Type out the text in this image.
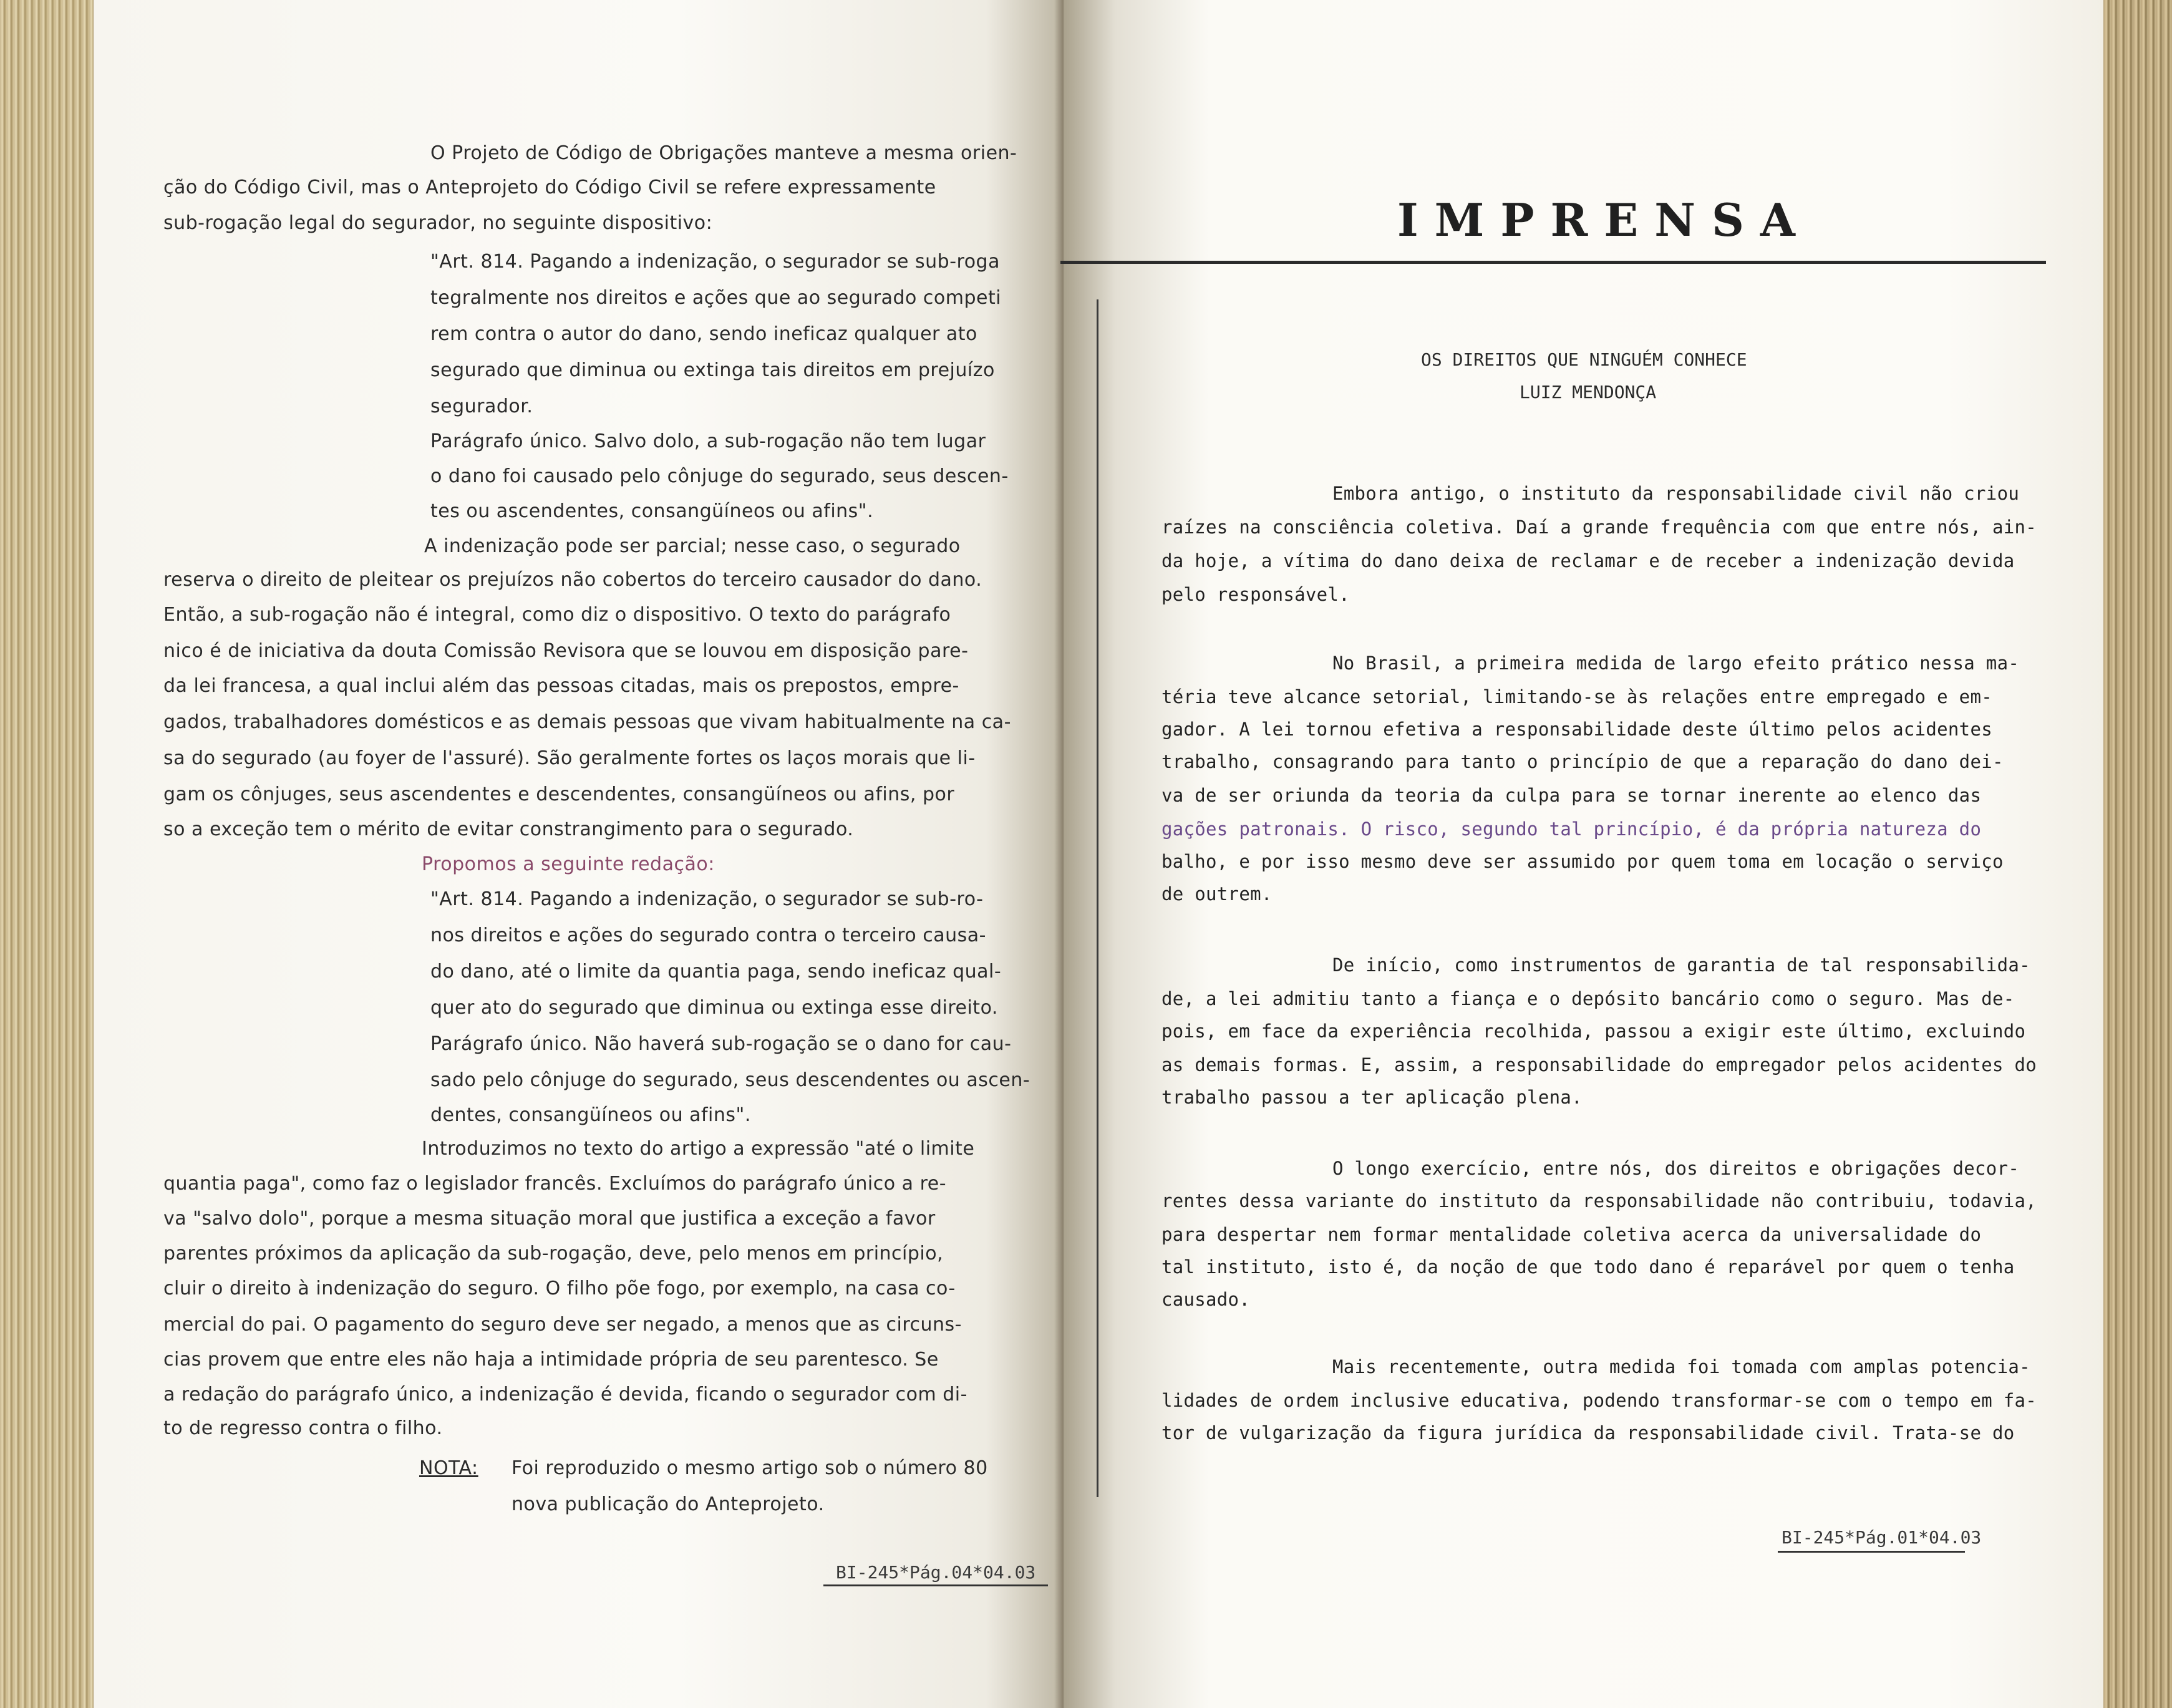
O Projeto de Código de Obrigações manteve a mesma orien-
ção do Código Civil, mas o Anteprojeto do Código Civil se refere expressamente
sub-rogação legal do segurador, no seguinte dispositivo:
"Art. 814. Pagando a indenização, o segurador se sub-roga
tegralmente nos direitos e ações que ao segurado competi
rem contra o autor do dano, sendo ineficaz qualquer ato
segurado que diminua ou extinga tais direitos em prejuízo
segurador.
Parágrafo único. Salvo dolo, a sub-rogação não tem lugar
o dano foi causado pelo cônjuge do segurado, seus descen-
tes ou ascendentes, consangüíneos ou afins".
A indenização pode ser parcial; nesse caso, o segurado
reserva o direito de pleitear os prejuízos não cobertos do terceiro causador do dano.
Então, a sub-rogação não é integral, como diz o dispositivo. O texto do parágrafo
nico é de iniciativa da douta Comissão Revisora que se louvou em disposição pare-
da lei francesa, a qual inclui além das pessoas citadas, mais os prepostos, empre-
gados, trabalhadores domésticos e as demais pessoas que vivam habitualmente na ca-
sa do segurado (au foyer de l'assuré). São geralmente fortes os laços morais que li-
gam os cônjuges, seus ascendentes e descendentes, consangüíneos ou afins, por
so a exceção tem o mérito de evitar constrangimento para o segurado.
Propomos a seguinte redação:
"Art. 814. Pagando a indenização, o segurador se sub-ro-
nos direitos e ações do segurado contra o terceiro causa-
do dano, até o limite da quantia paga, sendo ineficaz qual-
quer ato do segurado que diminua ou extinga esse direito.
Parágrafo único. Não haverá sub-rogação se o dano for cau-
sado pelo cônjuge do segurado, seus descendentes ou ascen-
dentes, consangüíneos ou afins".
Introduzimos no texto do artigo a expressão "até o limite
quantia paga", como faz o legislador francês. Excluímos do parágrafo único a re-
va "salvo dolo", porque a mesma situação moral que justifica a exceção a favor
parentes próximos da aplicação da sub-rogação, deve, pelo menos em princípio,
cluir o direito à indenização do seguro. O filho põe fogo, por exemplo, na casa co-
mercial do pai. O pagamento do seguro deve ser negado, a menos que as circuns-
cias provem que entre eles não haja a intimidade própria de seu parentesco. Se
a redação do parágrafo único, a indenização é devida, ficando o segurador com di-
to de regresso contra o filho.
NOTA: Foi reproduzido o mesmo artigo sob o número 80
nova publicação do Anteprojeto.
BI-245*Pág.04*04.03
IMPRENSA
OS DIREITOS QUE NINGUÉM CONHECE
LUIZ MENDONÇA
Embora antigo, o instituto da responsabilidade civil não criou
raízes na consciência coletiva. Daí a grande frequência com que entre nós, ain-
da hoje, a vítima do dano deixa de reclamar e de receber a indenização devida
pelo responsável.
No Brasil, a primeira medida de largo efeito prático nessa ma-
téria teve alcance setorial, limitando-se às relações entre empregado e em-
gador. A lei tornou efetiva a responsabilidade deste último pelos acidentes
trabalho, consagrando para tanto o princípio de que a reparação do dano dei-
va de ser oriunda da teoria da culpa para se tornar inerente ao elenco das
gações patronais. O risco, segundo tal princípio, é da própria natureza do
balho, e por isso mesmo deve ser assumido por quem toma em locação o serviço
de outrem.
De início, como instrumentos de garantia de tal responsabilida-
de, a lei admitiu tanto a fiança e o depósito bancário como o seguro. Mas de-
pois, em face da experiência recolhida, passou a exigir este último, excluindo
as demais formas. E, assim, a responsabilidade do empregador pelos acidentes do
trabalho passou a ter aplicação plena.
O longo exercício, entre nós, dos direitos e obrigações decor-
rentes dessa variante do instituto da responsabilidade não contribuiu, todavia,
para despertar nem formar mentalidade coletiva acerca da universalidade do
tal instituto, isto é, da noção de que todo dano é reparável por quem o tenha
causado.
Mais recentemente, outra medida foi tomada com amplas potencia-
lidades de ordem inclusive educativa, podendo transformar-se com o tempo em fa-
tor de vulgarização da figura jurídica da responsabilidade civil. Trata-se do
BI-245*Pág.01*04.03
